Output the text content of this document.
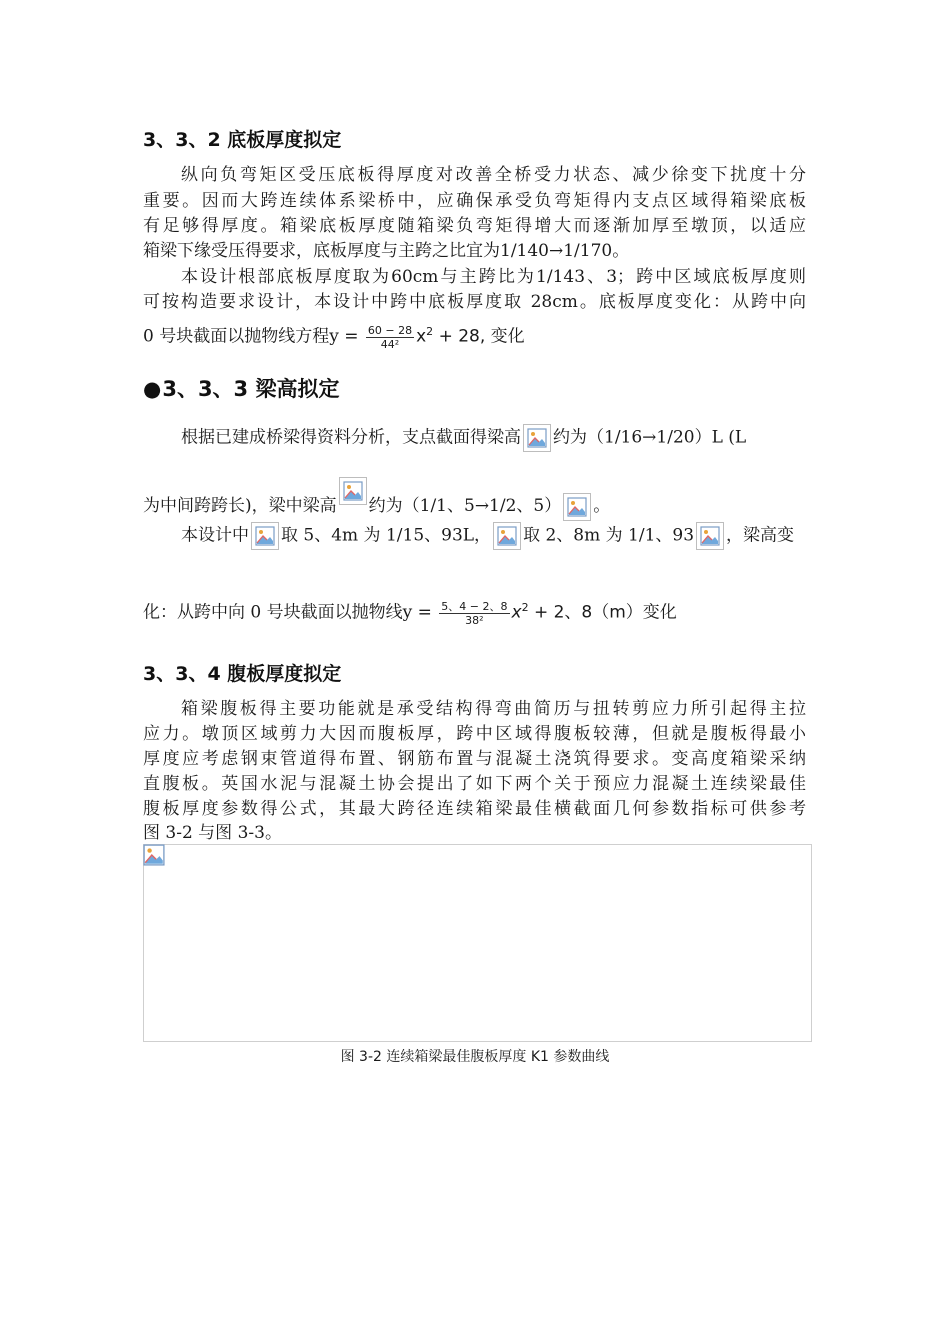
3、3、2 底板厚度拟定
纵向负弯矩区受压底板得厚度对改善全桥受力状态、减少徐变下扰度十分
重要。因而大跨连续体系梁桥中，应确保承受负弯矩得内支点区域得箱梁底板
有足够得厚度。箱梁底板厚度随箱梁负弯矩得增大而逐渐加厚至墩顶，以适应
箱梁下缘受压得要求，底板厚度与主跨之比宜为1/140→1/170。
本设计根部底板厚度取为60cm与主跨比为1/143、3；跨中区域底板厚度则
可按构造要求设计，本设计中跨中底板厚度取 28cm。底板厚度变化：从跨中向
0 号块截面以抛物线方程$y = \frac{60 - 28}{\text{44²}} x^2 + 28$, 变化
●3、3、3 梁高拟定
根据已建成桥梁得资料分析，支点截面得梁高 约为（1/16→1/20）L (L
为中间跨跨长)，梁中梁高 约为（1/1、5→1/2、5） 。
本设计中 取 5、4m 为 1/15、93L， 取 2、8m 为 1/1、93 ，梁高变
化：从跨中向 0 号块截面以抛物线$y = \frac{5、4 - 2、8}{\text{38²}} x^2 + 2$、8（m）变化
3、3、4 腹板厚度拟定
箱梁腹板得主要功能就是承受结构得弯曲简历与扭转剪应力所引起得主拉
应力。墩顶区域剪力大因而腹板厚，跨中区域得腹板较薄，但就是腹板得最小
厚度应考虑钢束管道得布置、钢筋布置与混凝土浇筑得要求。变高度箱梁采纳
直腹板。英国水泥与混凝土协会提出了如下两个关于预应力混凝土连续梁最佳
腹板厚度参数得公式，其最大跨径连续箱梁最佳横截面几何参数指标可供参考
图 3-2 与图 3-3。
图 3-2 连续箱梁最佳腹板厚度 K1 参数曲线
